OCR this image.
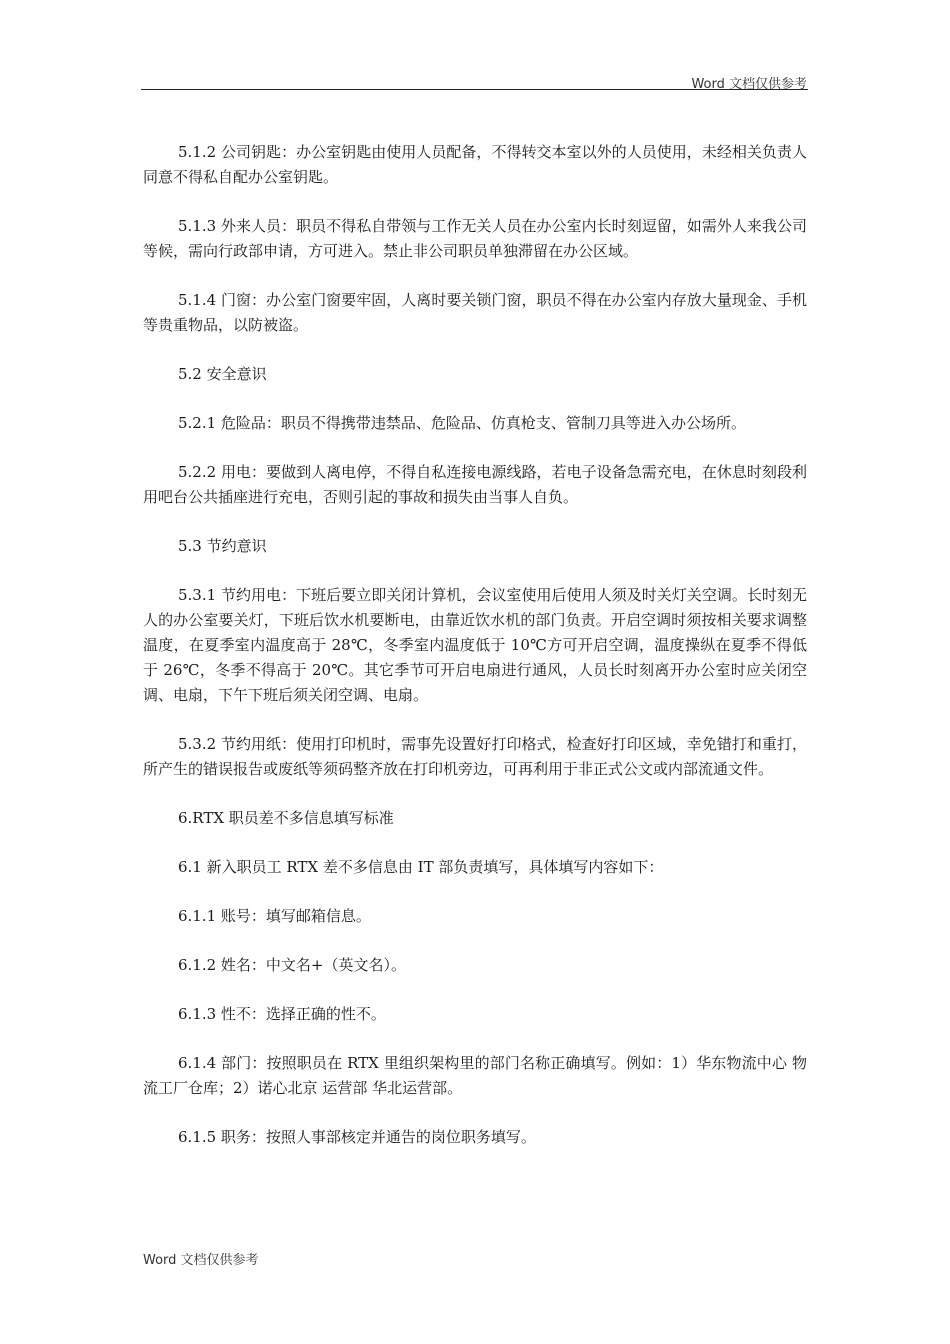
Word 文档仅供参考

5.1.2 公司钥匙：办公室钥匙由使用人员配备，不得转交本室以外的人员使用，未经相关负责人同意不得私自配办公室钥匙。

5.1.3 外来人员：职员不得私自带领与工作无关人员在办公室内长时刻逗留，如需外人来我公司等候，需向行政部申请，方可进入。禁止非公司职员单独滞留在办公区域。

5.1.4 门窗：办公室门窗要牢固，人离时要关锁门窗，职员不得在办公室内存放大量现金、手机等贵重物品，以防被盗。

5.2 安全意识

5.2.1 危险品：职员不得携带违禁品、危险品、仿真枪支、管制刀具等进入办公场所。

5.2.2 用电：要做到人离电停，不得自私连接电源线路，若电子设备急需充电，在休息时刻段利用吧台公共插座进行充电，否则引起的事故和损失由当事人自负。

5.3 节约意识

5.3.1 节约用电：下班后要立即关闭计算机，会议室使用后使用人须及时关灯关空调。长时刻无人的办公室要关灯，下班后饮水机要断电，由靠近饮水机的部门负责。开启空调时须按相关要求调整温度，在夏季室内温度高于 28℃，冬季室内温度低于 10℃方可开启空调，温度操纵在夏季不得低于 26℃，冬季不得高于 20℃。其它季节可开启电扇进行通风，人员长时刻离开办公室时应关闭空调、电扇，下午下班后须关闭空调、电扇。

5.3.2 节约用纸：使用打印机时，需事先设置好打印格式，检查好打印区域，幸免错打和重打，所产生的错误报告或废纸等须码整齐放在打印机旁边，可再利用于非正式公文或内部流通文件。

6.RTX 职员差不多信息填写标准

6.1 新入职员工 RTX 差不多信息由 IT 部负责填写，具体填写内容如下：

6.1.1 账号：填写邮箱信息。

6.1.2 姓名：中文名+（英文名）。

6.1.3 性不：选择正确的性不。

6.1.4 部门：按照职员在 RTX 里组织架构里的部门名称正确填写。例如：1）华东物流中心 物流工厂仓库；2）诺心北京 运营部 华北运营部。

6.1.5 职务：按照人事部核定并通告的岗位职务填写。

Word 文档仅供参考
